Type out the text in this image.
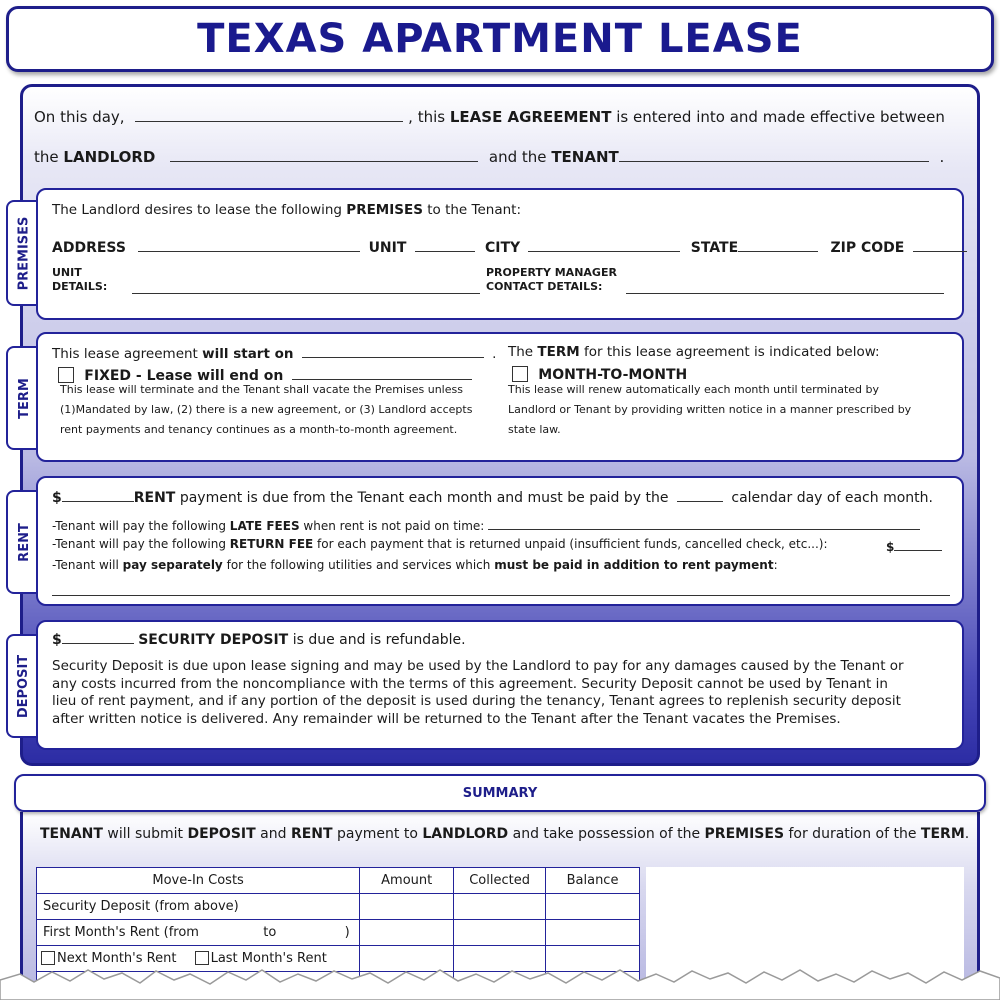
TEXAS APARTMENT LEASE
On this day,	, this LEASE AGREEMENT is entered into and made effective between
the LANDLORD	and the TENANT	.
PREMISES
The Landlord desires to lease the following PREMISES to the Tenant:
ADDRESS	UNIT	CITY	STATE	ZIP CODE
UNIT
DETAILS:
PROPERTY MANAGER
CONTACT DETAILS:
TERM
This lease agreement will start on	. The TERM for this lease agreement is indicated below:
FIXED - Lease will end on
This lease will terminate and the Tenant shall vacate the Premises unless
(1)Mandated by law, (2) there is a new agreement, or (3) Landlord accepts
rent payments and tenancy continues as a month-to-month agreement.
MONTH-TO-MONTH
This lease will renew automatically each month until terminated by
Landlord or Tenant by providing written notice in a manner prescribed by
state law.
RENT
$	RENT payment is due from the Tenant each month and must be paid by the	calendar day of each month.
-Tenant will pay the following LATE FEES when rent is not paid on time:
-Tenant will pay the following RETURN FEE for each payment that is returned unpaid (insufficient funds, cancelled check, etc...):	$
-Tenant will pay separately for the following utilities and services which must be paid in addition to rent payment:
DEPOSIT
$	SECURITY DEPOSIT is due and is refundable.
Security Deposit is due upon lease signing and may be used by the Landlord to pay for any damages caused by the Tenant or
any costs incurred from the noncompliance with the terms of this agreement. Security Deposit cannot be used by Tenant in
lieu of rent payment, and if any portion of the deposit is used during the tenancy, Tenant agrees to replenish security deposit
after written notice is delivered. Any remainder will be returned to the Tenant after the Tenant vacates the Premises.
SUMMARY
TENANT will submit DEPOSIT and RENT payment to LANDLORD and take possession of the PREMISES for duration of the TERM.
Move-In Costs	Amount	Collected	Balance
Security Deposit (from above)			
First Month's Rent (from to )			
Next Month's Rent Last Month's Rent			
